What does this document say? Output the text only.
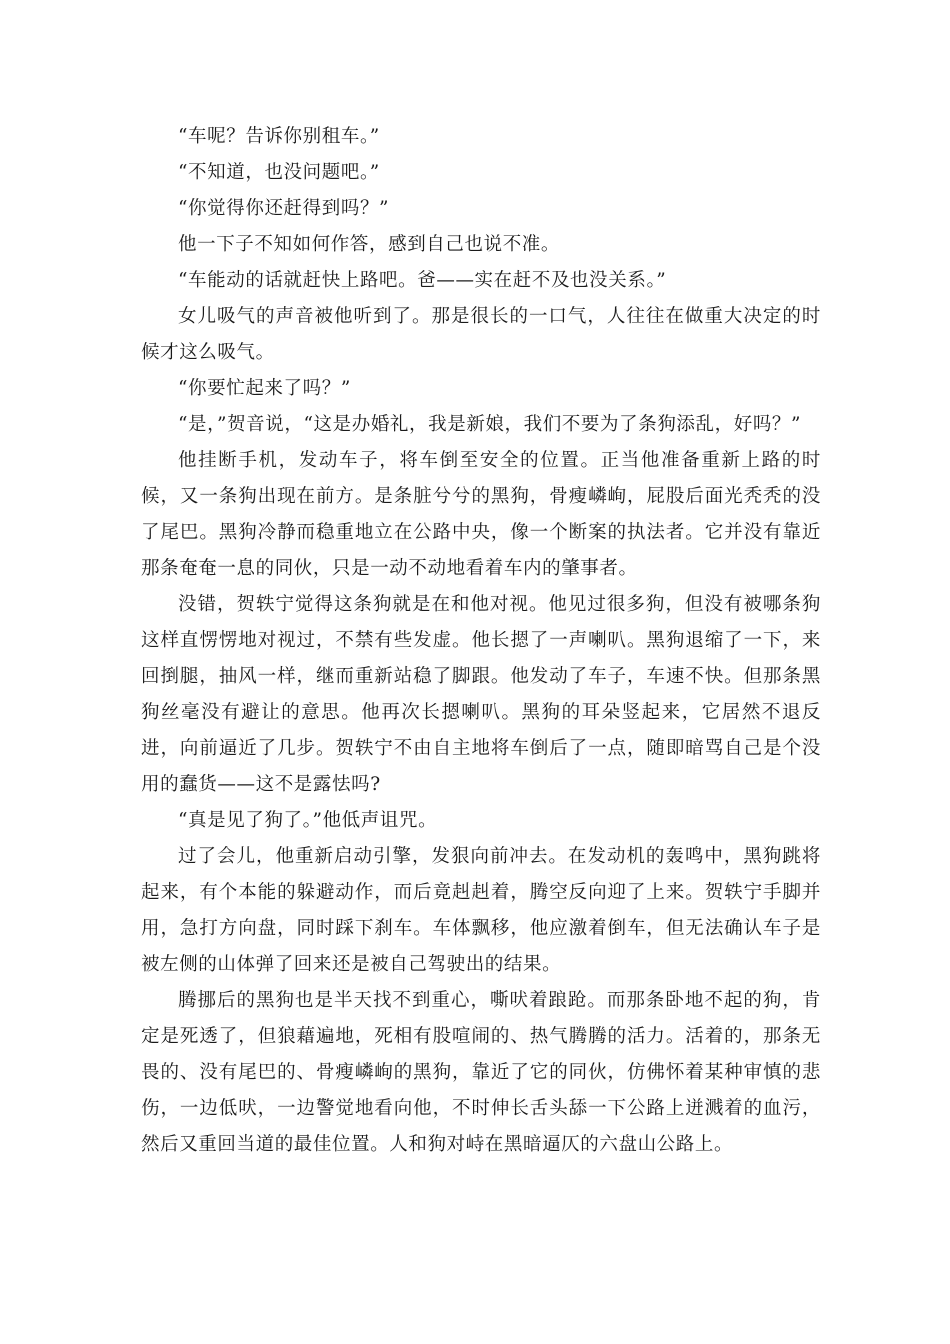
“车呢？告诉你别租车。”

“不知道，也没问题吧。”

“你觉得你还赶得到吗？”

他一下子不知如何作答，感到自己也说不准。

“车能动的话就赶快上路吧。爸——实在赶不及也没关系。”

女儿吸气的声音被他听到了。那是很长的一口气，人往往在做重大决定的时候才这么吸气。

“你要忙起来了吗？”

“是，”贺音说，“这是办婚礼，我是新娘，我们不要为了条狗添乱，好吗？”

他挂断手机，发动车子，将车倒至安全的位置。正当他准备重新上路的时候，又一条狗出现在前方。是条脏兮兮的黑狗，骨瘦嶙峋，屁股后面光秃秃的没了尾巴。黑狗冷静而稳重地立在公路中央，像一个断案的执法者。它并没有靠近那条奄奄一息的同伙，只是一动不动地看着车内的肇事者。

没错，贺轶宁觉得这条狗就是在和他对视。他见过很多狗，但没有被哪条狗这样直愣愣地对视过，不禁有些发虚。他长摁了一声喇叭。黑狗退缩了一下，来回捯腿，抽风一样，继而重新站稳了脚跟。他发动了车子，车速不快。但那条黑狗丝毫没有避让的意思。他再次长摁喇叭。黑狗的耳朵竖起来，它居然不退反进，向前逼近了几步。贺轶宁不由自主地将车倒后了一点，随即暗骂自己是个没用的蠢货——这不是露怯吗?

“真是见了狗了。”他低声诅咒。

过了会儿，他重新启动引擎，发狠向前冲去。在发动机的轰鸣中，黑狗跳将起来，有个本能的躲避动作，而后竟赳赳着，腾空反向迎了上来。贺轶宁手脚并用，急打方向盘，同时踩下刹车。车体飘移，他应激着倒车，但无法确认车子是被左侧的山体弹了回来还是被自己驾驶出的结果。

腾挪后的黑狗也是半天找不到重心，嘶吠着踉跄。而那条卧地不起的狗，肯定是死透了，但狼藉遍地，死相有股喧闹的、热气腾腾的活力。活着的，那条无畏的、没有尾巴的、骨瘦嶙峋的黑狗，靠近了它的同伙，仿佛怀着某种审慎的悲伤，一边低吠，一边警觉地看向他，不时伸长舌头舔一下公路上迸溅着的血污，然后又重回当道的最佳位置。人和狗对峙在黑暗逼仄的六盘山公路上。
